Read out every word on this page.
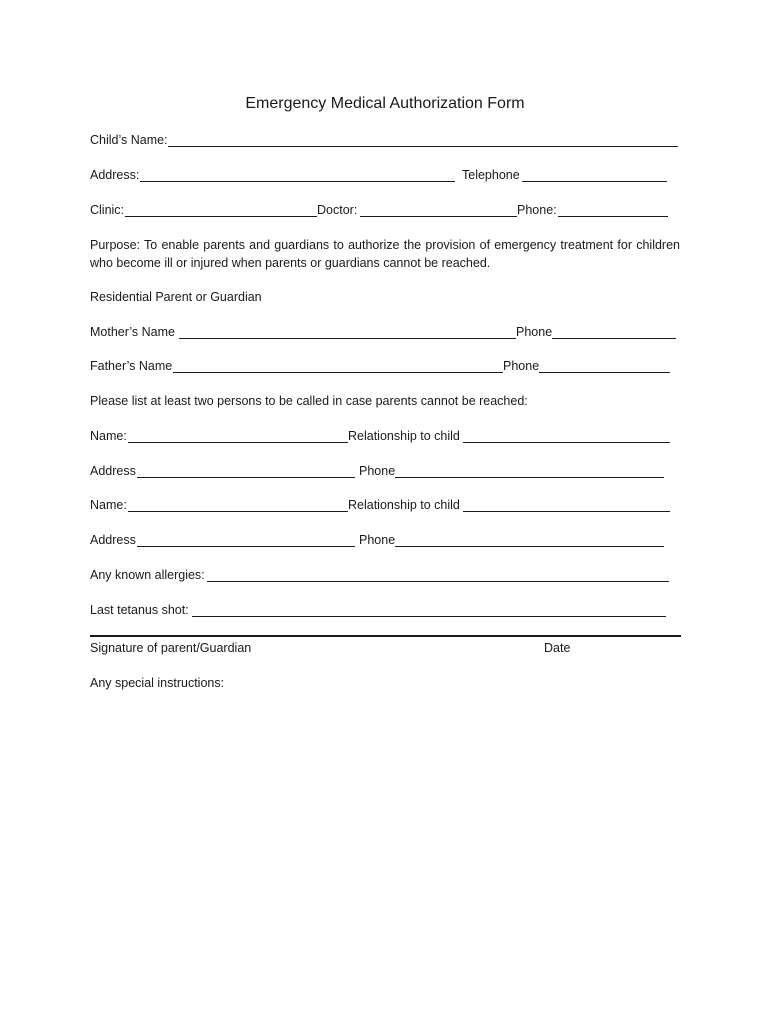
Emergency Medical Authorization Form
Child’s Name:
Address:	Telephone
Clinic:	Doctor:	Phone:
Purpose: To enable parents and guardians to authorize the provision of emergency treatment for children who become ill or injured when parents or guardians cannot be reached.
Residential Parent or Guardian
Mother’s Name	Phone
Father’s Name	Phone
Please list at least two persons to be called in case parents cannot be reached:
Name:	Relationship to child
Address	Phone
Name:	Relationship to child
Address	Phone
Any known allergies:
Last tetanus shot:
Signature of parent/Guardian	Date
Any special instructions:
